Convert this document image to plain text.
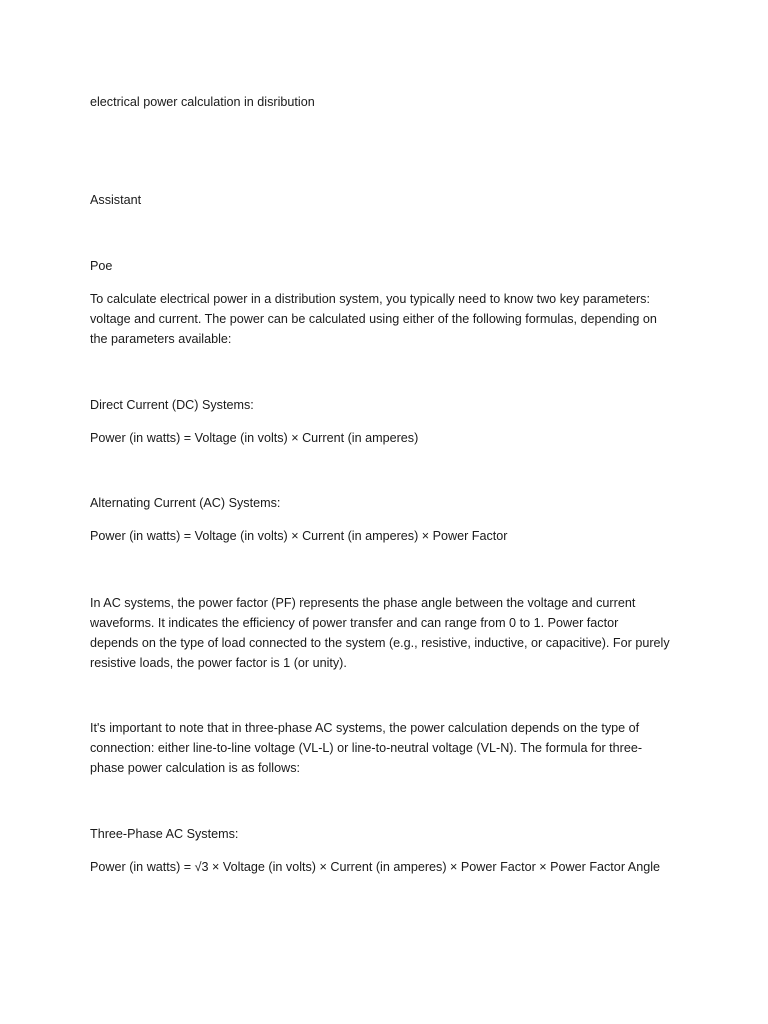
electrical power calculation in disribution

Assistant

Poe

To calculate electrical power in a distribution system, you typically need to know two key parameters:
voltage and current. The power can be calculated using either of the following formulas, depending on
the parameters available:

Direct Current (DC) Systems:

Power (in watts) = Voltage (in volts) × Current (in amperes)

Alternating Current (AC) Systems:

Power (in watts) = Voltage (in volts) × Current (in amperes) × Power Factor

In AC systems, the power factor (PF) represents the phase angle between the voltage and current
waveforms. It indicates the efficiency of power transfer and can range from 0 to 1. Power factor
depends on the type of load connected to the system (e.g., resistive, inductive, or capacitive). For purely
resistive loads, the power factor is 1 (or unity).
It's important to note that in three-phase AC systems, the power calculation depends on the type of
connection: either line-to-line voltage (VL-L) or line-to-neutral voltage (VL-N). The formula for three-
phase power calculation is as follows:

Three-Phase AC Systems:

Power (in watts) = √3 × Voltage (in volts) × Current (in amperes) × Power Factor × Power Factor Angle
